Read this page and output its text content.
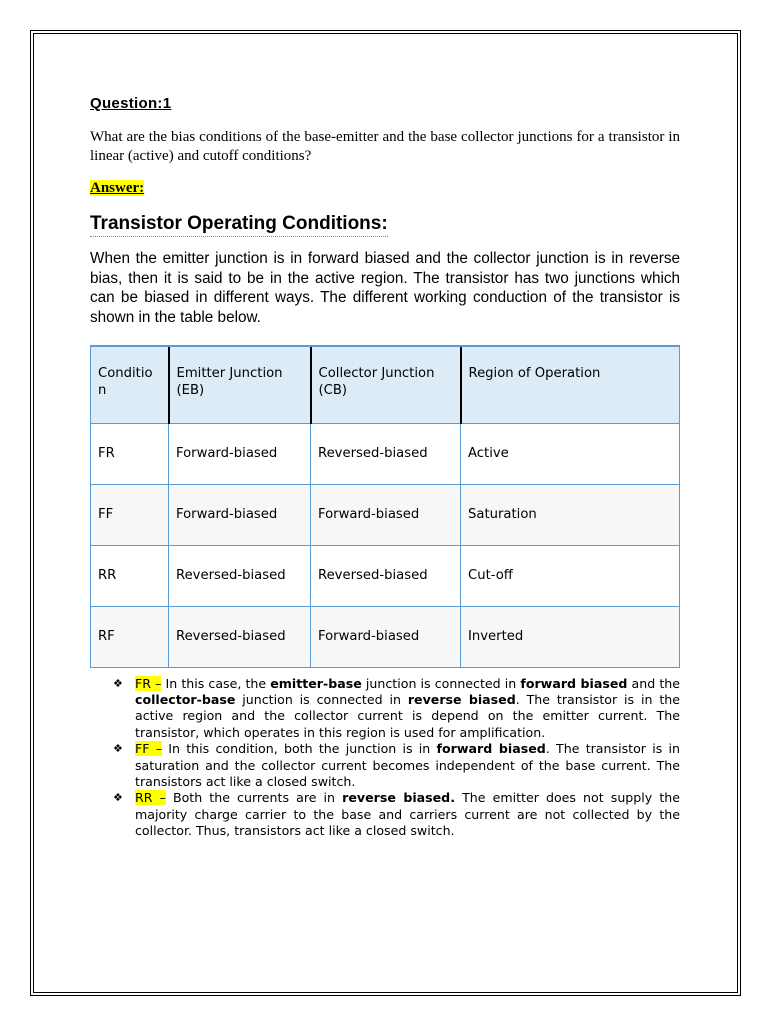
Question:1

What are the bias conditions of the base-emitter and the base collector junctions for a transistor in linear (active) and cutoff conditions?

Answer:

Transistor Operating Conditions:

When the emitter junction is in forward biased and the collector junction is in reverse bias, then it is said to be in the active region. The transistor has two junctions which can be biased in different ways. The different working conduction of the transistor is shown in the table below.

Conditio n	Emitter Junction (EB)	Collector Junction (CB)	Region of Operation
FR	Forward-biased	Reversed-biased	Active
FF	Forward-biased	Forward-biased	Saturation
RR	Reversed-biased	Reversed-biased	Cut-off
RF	Reversed-biased	Forward-biased	Inverted
❖ FR – In this case, the emitter-base junction is connected in forward biased and the collector-base junction is connected in reverse biased. The transistor is in the active region and the collector current is depend on the emitter current. The transistor, which operates in this region is used for amplification.
❖ FF – In this condition, both the junction is in forward biased. The transistor is in saturation and the collector current becomes independent of the base current. The transistors act like a closed switch.
❖ RR – Both the currents are in reverse biased. The emitter does not supply the majority charge carrier to the base and carriers current are not collected by the collector. Thus, transistors act like a closed switch.
